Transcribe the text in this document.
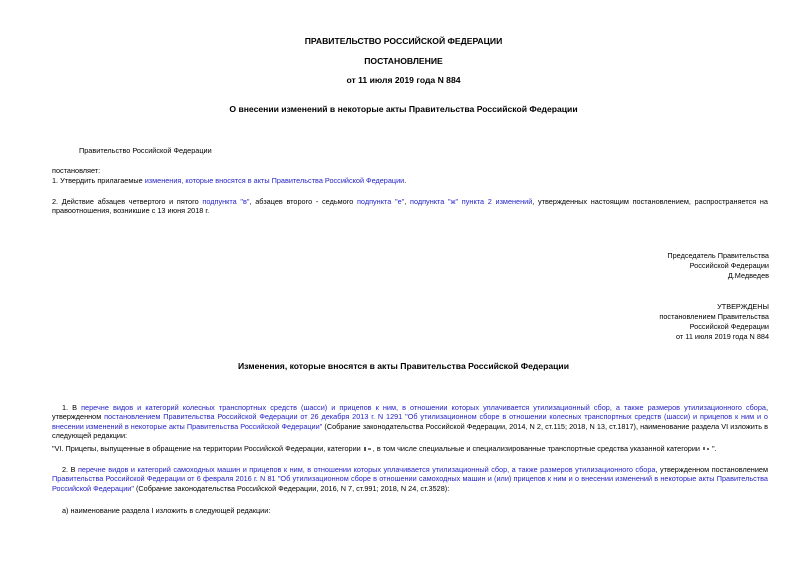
ПРАВИТЕЛЬСТВО РОССИЙСКОЙ ФЕДЕРАЦИИ
ПОСТАНОВЛЕНИЕ
от 11 июля 2019 года N 884
О внесении изменений в некоторые акты Правительства Российской Федерации
Правительство Российской Федерации
постановляет:
1. Утвердить прилагаемые изменения, которые вносятся в акты Правительства Российской Федерации.
2. Действие абзацев четвертого и пятого подпункта "в", абзацев второго - седьмого подпункта "е", подпункта "ж" пункта 2 изменений, утвержденных настоящим постановлением, распространяется на правоотношения, возникшие с 13 июня 2018 г.
Председатель Правительства
Российской Федерации
Д.Медведев
УТВЕРЖДЕНЫ
постановлением Правительства
Российской Федерации
от 11 июля 2019 года N 884
Изменения, которые вносятся в акты Правительства Российской Федерации
1. В перечне видов и категорий колесных транспортных средств (шасси) и прицепов к ним, в отношении которых уплачивается утилизационный сбор, а также размеров утилизационного сбора, утвержденном постановлением Правительства Российской Федерации от 26 декабря 2013 г. N 1291 "Об утилизационном сборе в отношении колесных транспортных средств (шасси) и прицепов к ним и о внесении изменений в некоторые акты Правительства Российской Федерации" (Собрание законодательства Российской Федерации, 2014, N 2, ст.115; 2018, N 13, ст.1817), наименование раздела VI изложить в следующей редакции:
"VI. Прицепы, выпущенные в обращение на территории Российской Федерации, категории , в том числе специальные и специализированные транспортные средства указанной категории ".
2. В перечне видов и категорий самоходных машин и прицепов к ним, в отношении которых уплачивается утилизационный сбор, а также размеров утилизационного сбора, утвержденном постановлением Правительства Российской Федерации от 6 февраля 2016 г. N 81 "Об утилизационном сборе в отношении самоходных машин и (или) прицепов к ним и о внесении изменений в некоторые акты Правительства Российской Федерации" (Собрание законодательства Российской Федерации, 2016, N 7, ст.991; 2018, N 24, ст.3528):
а) наименование раздела I изложить в следующей редакции:
